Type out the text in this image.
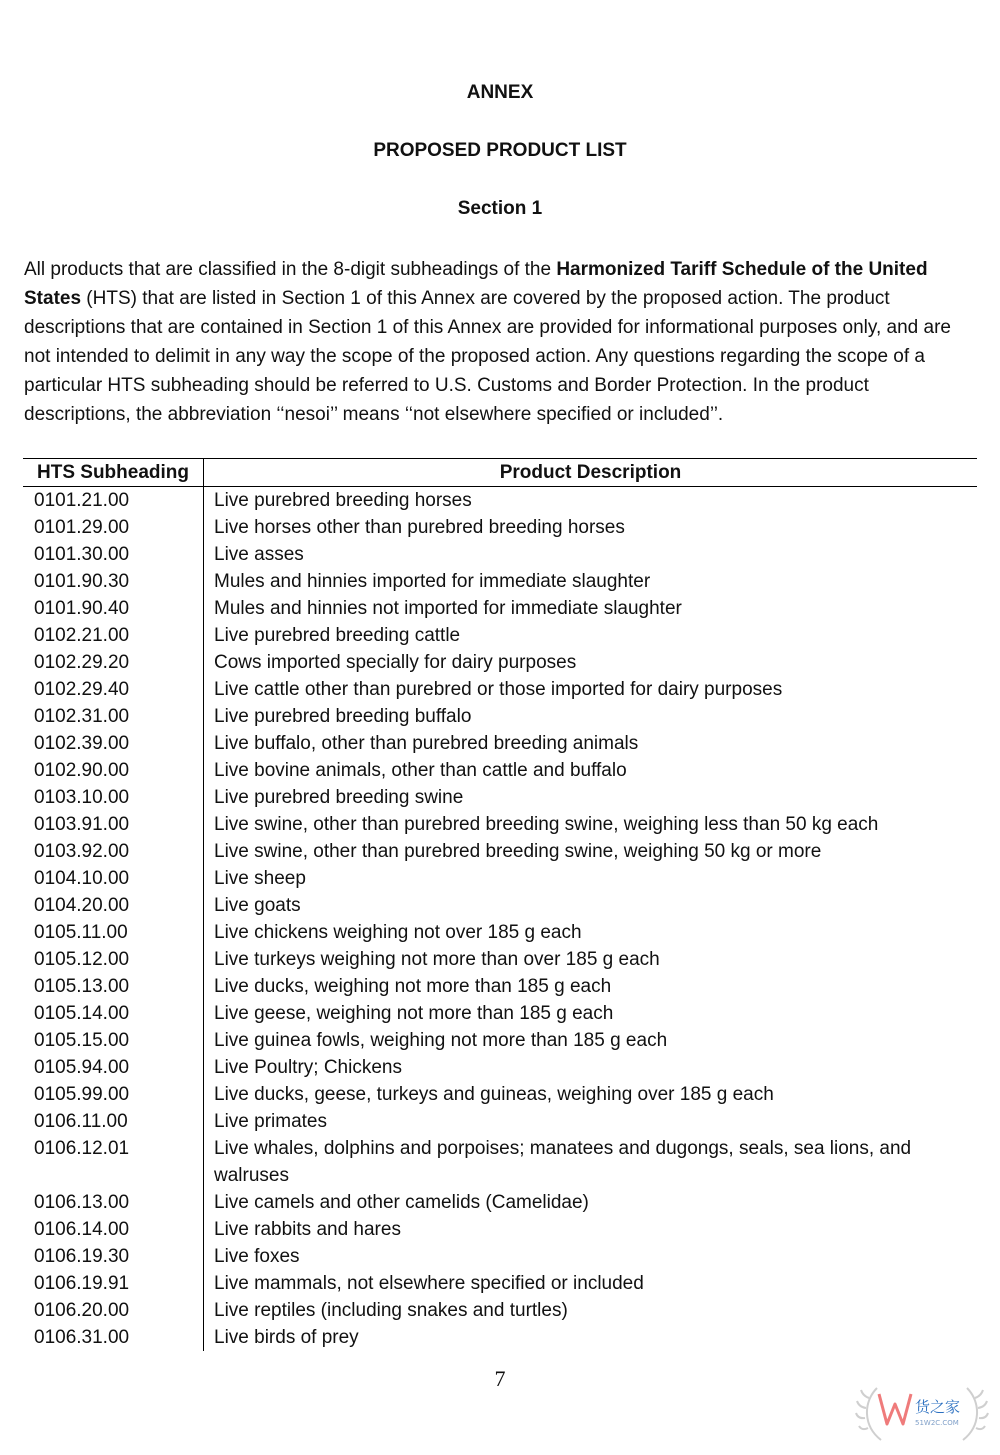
ANNEX
PROPOSED PRODUCT LIST
Section 1

All products that are classified in the 8-digit subheadings of the Harmonized Tariff Schedule of the United States (HTS) that are listed in Section 1 of this Annex are covered by the proposed action. The product descriptions that are contained in Section 1 of this Annex are provided for informational purposes only, and are not intended to delimit in any way the scope of the proposed action. Any questions regarding the scope of a particular HTS subheading should be referred to U.S. Customs and Border Protection. In the product descriptions, the abbreviation ‘‘nesoi’’ means ‘‘not elsewhere specified or included’’.

HTS Subheading	Product Description
0101.21.00	Live purebred breeding horses
0101.29.00	Live horses other than purebred breeding horses
0101.30.00	Live asses
0101.90.30	Mules and hinnies imported for immediate slaughter
0101.90.40	Mules and hinnies not imported for immediate slaughter
0102.21.00	Live purebred breeding cattle
0102.29.20	Cows imported specially for dairy purposes
0102.29.40	Live cattle other than purebred or those imported for dairy purposes
0102.31.00	Live purebred breeding buffalo
0102.39.00	Live buffalo, other than purebred breeding animals
0102.90.00	Live bovine animals, other than cattle and buffalo
0103.10.00	Live purebred breeding swine
0103.91.00	Live swine, other than purebred breeding swine, weighing less than 50 kg each
0103.92.00	Live swine, other than purebred breeding swine, weighing 50 kg or more
0104.10.00	Live sheep
0104.20.00	Live goats
0105.11.00	Live chickens weighing not over 185 g each
0105.12.00	Live turkeys weighing not more than over 185 g each
0105.13.00	Live ducks, weighing not more than 185 g each
0105.14.00	Live geese, weighing not more than 185 g each
0105.15.00	Live guinea fowls, weighing not more than 185 g each
0105.94.00	Live Poultry; Chickens
0105.99.00	Live ducks, geese, turkeys and guineas, weighing over 185 g each
0106.11.00	Live primates
0106.12.01	Live whales, dolphins and porpoises; manatees and dugongs, seals, sea lions, and walruses
0106.13.00	Live camels and other camelids (Camelidae)
0106.14.00	Live rabbits and hares
0106.19.30	Live foxes
0106.19.91	Live mammals, not elsewhere specified or included
0106.20.00	Live reptiles (including snakes and turtles)
0106.31.00	Live birds of prey
7
货之家
51W2C.COM
